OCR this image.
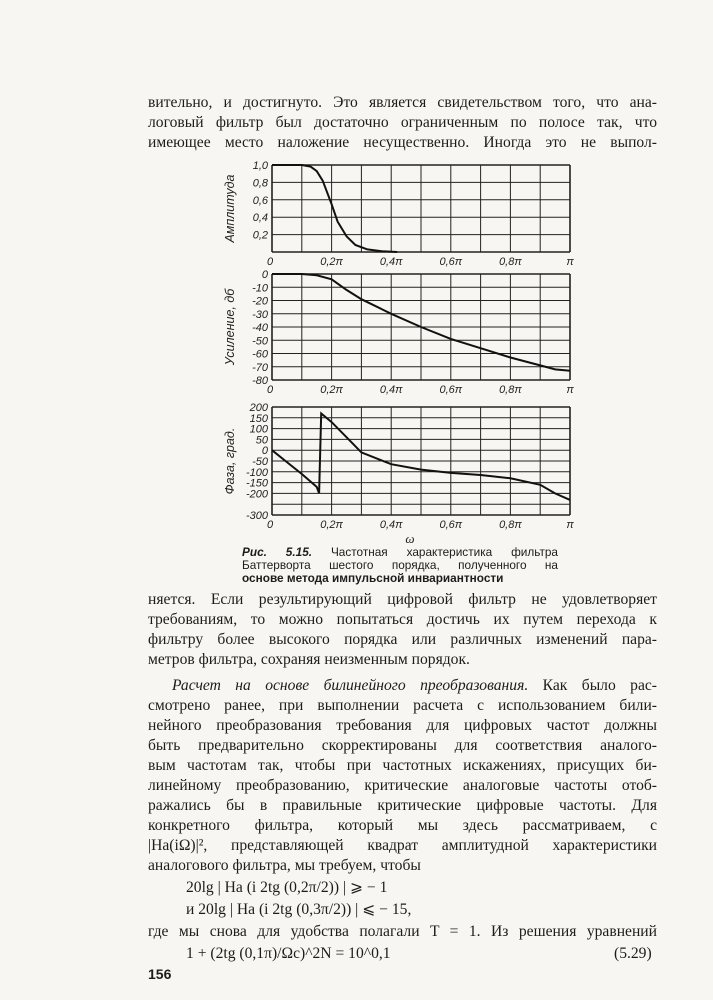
вительно, и достигнуто. Это является свидетельством того, что ана-
логовый фильтр был достаточно ограниченным по полосе так, что
имеющее место наложение несущественно. Иногда это не выпол-
1,0
0,8
0,6
0,4
0,2
0	0,2π	0,4π	0,6π	0,8π	π
Амплитуда
0
-10
-20
-30
-40
-50
-60
-70
-80
0	0,2π	0,4π	0,6π	0,8π	π
Усиление, дб
200
150
100
50
0
-50
-100
-150
-200
-300
0	0,2π	0,4π	0,6π	0,8π	π
Фаза, град.
ω
Рис. 5.15. Частотная характеристика фильтра
Баттерворта шестого порядка, полученного на
основе метода импульсной инвариантности
няется. Если результирующий цифровой фильтр не удовлетворяет
требованиям, то можно попытаться достичь их путем перехода к
фильтру более высокого порядка или различных изменений пара-
метров фильтра, сохраняя неизменным порядок.
Расчет на основе билинейного преобразования. Как было рас-
смотрено ранее, при выполнении расчета с использованием били-
нейного преобразования требования для цифровых частот должны
быть предварительно скорректированы для соответствия аналого-
вым частотам так, чтобы при частотных искажениях, присущих би-
линейному преобразованию, критические аналоговые частоты отоб-
ражались бы в правильные критические цифровые частоты. Для
конкретного фильтра, который мы здесь рассматриваем, с
|Ha(iΩ)|², представляющей квадрат амплитудной характеристики
аналогового фильтра, мы требуем, чтобы
20lg | Ha (i 2tg (0,2π/2)) | ⩾ − 1
и 20lg | Ha (i 2tg (0,3π/2)) | ⩽ − 15,
где мы снова для удобства полагали T = 1. Из решения уравнений
1 + (2tg (0,1π)/Ωc)^2N = 10^0,1	(5.29)
156
